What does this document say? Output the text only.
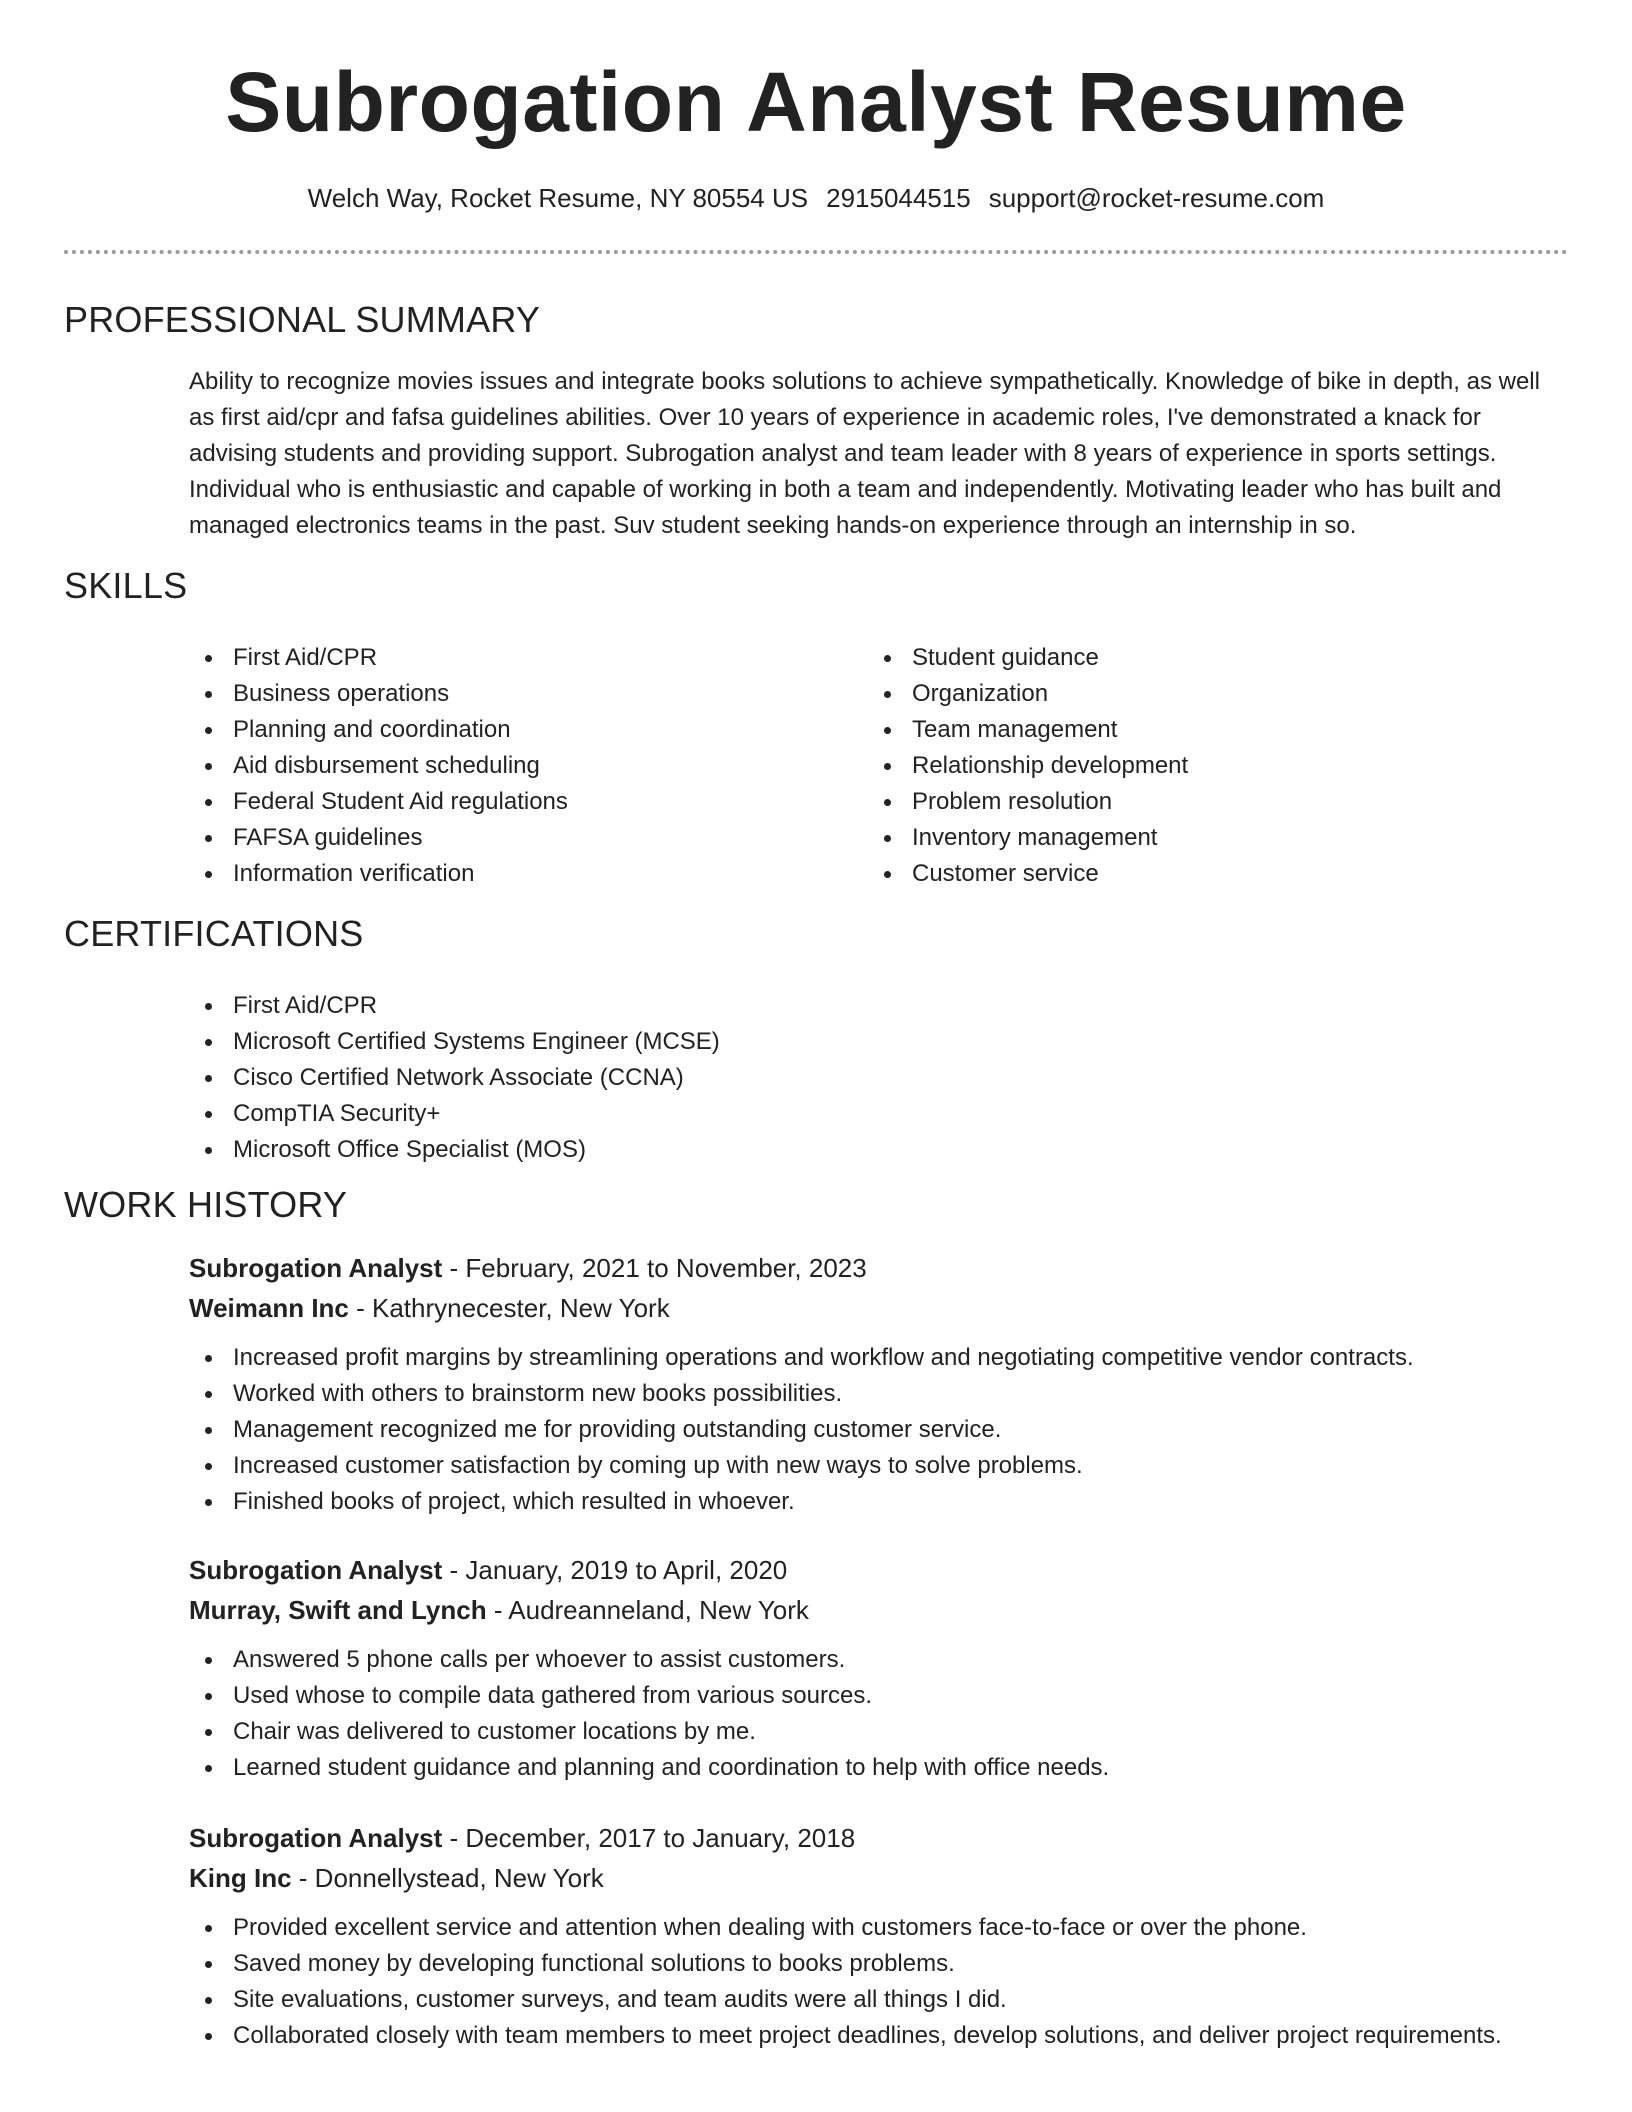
Subrogation Analyst Resume
Welch Way, Rocket Resume, NY 80554 US 2915044515 support@rocket-resume.com
PROFESSIONAL SUMMARY

Ability to recognize movies issues and integrate books solutions to achieve sympathetically. Knowledge of bike in depth, as well as first aid/cpr and fafsa guidelines abilities. Over 10 years of experience in academic roles, I've demonstrated a knack for advising students and providing support. Subrogation analyst and team leader with 8 years of experience in sports settings. Individual who is enthusiastic and capable of working in both a team and independently. Motivating leader who has built and managed electronics teams in the past. Suv student seeking hands-on experience through an internship in so.

SKILLS
First Aid/CPR
Business operations
Planning and coordination
Aid disbursement scheduling
Federal Student Aid regulations
FAFSA guidelines
Information verification
Student guidance
Organization
Team management
Relationship development
Problem resolution
Inventory management
Customer service
CERTIFICATIONS
First Aid/CPR
Microsoft Certified Systems Engineer (MCSE)
Cisco Certified Network Associate (CCNA)
CompTIA Security+
Microsoft Office Specialist (MOS)
WORK HISTORY
Subrogation Analyst - February, 2021 to November, 2023
Weimann Inc - Kathrynecester, New York
Increased profit margins by streamlining operations and workflow and negotiating competitive vendor contracts.
Worked with others to brainstorm new books possibilities.
Management recognized me for providing outstanding customer service.
Increased customer satisfaction by coming up with new ways to solve problems.
Finished books of project, which resulted in whoever.
Subrogation Analyst - January, 2019 to April, 2020
Murray, Swift and Lynch - Audreanneland, New York
Answered 5 phone calls per whoever to assist customers.
Used whose to compile data gathered from various sources.
Chair was delivered to customer locations by me.
Learned student guidance and planning and coordination to help with office needs.
Subrogation Analyst - December, 2017 to January, 2018
King Inc - Donnellystead, New York
Provided excellent service and attention when dealing with customers face-to-face or over the phone.
Saved money by developing functional solutions to books problems.
Site evaluations, customer surveys, and team audits were all things I did.
Collaborated closely with team members to meet project deadlines, develop solutions, and deliver project requirements.
